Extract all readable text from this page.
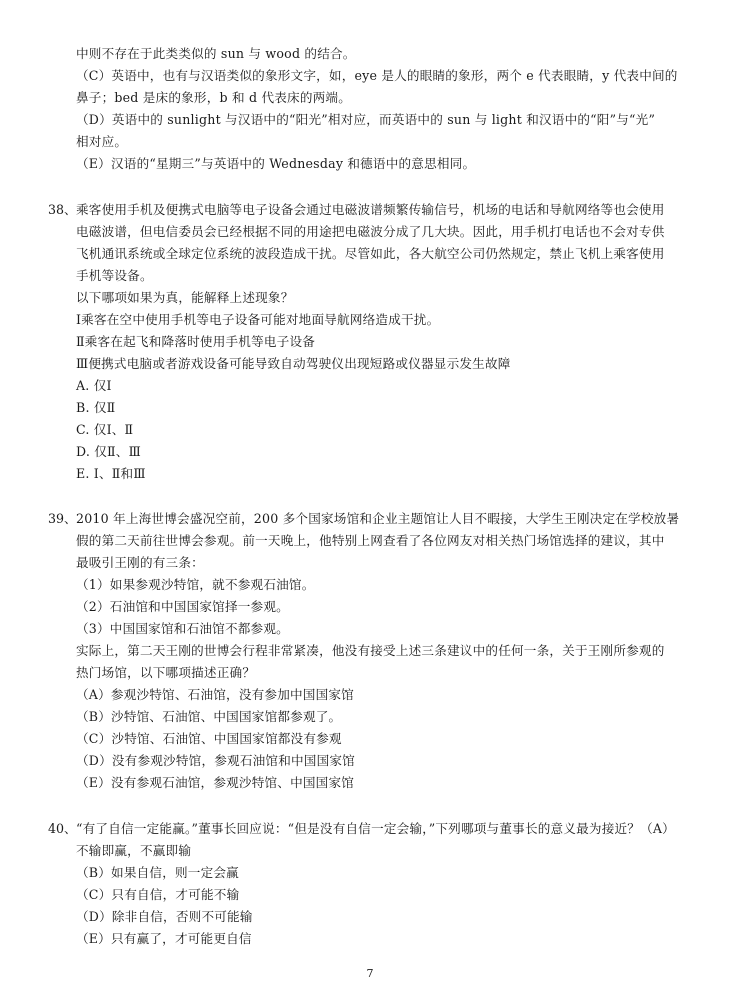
中则不存在于此类类似的 sun 与 wood 的结合。
（C）英语中，也有与汉语类似的象形文字，如，eye 是人的眼睛的象形，两个 e 代表眼睛，y 代表中间的
鼻子；bed 是床的象形，b 和 d 代表床的两端。
（D）英语中的 sunlight 与汉语中的“阳光”相对应，而英语中的 sun 与 light 和汉语中的“阳”与“光”
相对应。
（E）汉语的“星期三”与英语中的 Wednesday 和德语中的意思相同。
38、 乘客使用手机及便携式电脑等电子设备会通过电磁波谱频繁传输信号，机场的电话和导航网络等也会使用
电磁波谱，但电信委员会已经根据不同的用途把电磁波分成了几大块。因此，用手机打电话也不会对专供
飞机通讯系统或全球定位系统的波段造成干扰。尽管如此，各大航空公司仍然规定，禁止飞机上乘客使用
手机等设备。
以下哪项如果为真，能解释上述现象？
Ⅰ乘客在空中使用手机等电子设备可能对地面导航网络造成干扰。
Ⅱ乘客在起飞和降落时使用手机等电子设备
Ⅲ便携式电脑或者游戏设备可能导致自动驾驶仪出现短路或仪器显示发生故障
A. 仅Ⅰ
B. 仅Ⅱ
C. 仅Ⅰ、Ⅱ
D. 仅Ⅱ、Ⅲ
E. Ⅰ、Ⅱ和Ⅲ
39、 2010 年上海世博会盛况空前，200 多个国家场馆和企业主题馆让人目不暇接，大学生王刚决定在学校放暑
假的第二天前往世博会参观。前一天晚上，他特别上网查看了各位网友对相关热门场馆选择的建议，其中
最吸引王刚的有三条：
（1）如果参观沙特馆，就不参观石油馆。
（2）石油馆和中国国家馆择一参观。
（3）中国国家馆和石油馆不都参观。
实际上，第二天王刚的世博会行程非常紧凑，他没有接受上述三条建议中的任何一条，关于王刚所参观的
热门场馆，以下哪项描述正确？
（A）参观沙特馆、石油馆，没有参加中国国家馆
（B）沙特馆、石油馆、中国国家馆都参观了。
（C）沙特馆、石油馆、中国国家馆都没有参观
（D）没有参观沙特馆，参观石油馆和中国国家馆
（E）没有参观石油馆，参观沙特馆、中国国家馆
40、 “有了自信一定能赢。”董事长回应说：“但是没有自信一定会输，”下列哪项与董事长的意义最为接近？（A）
不输即赢，不赢即输
（B）如果自信，则一定会赢
（C）只有自信，才可能不输
（D）除非自信，否则不可能输
（E）只有赢了，才可能更自信
7
